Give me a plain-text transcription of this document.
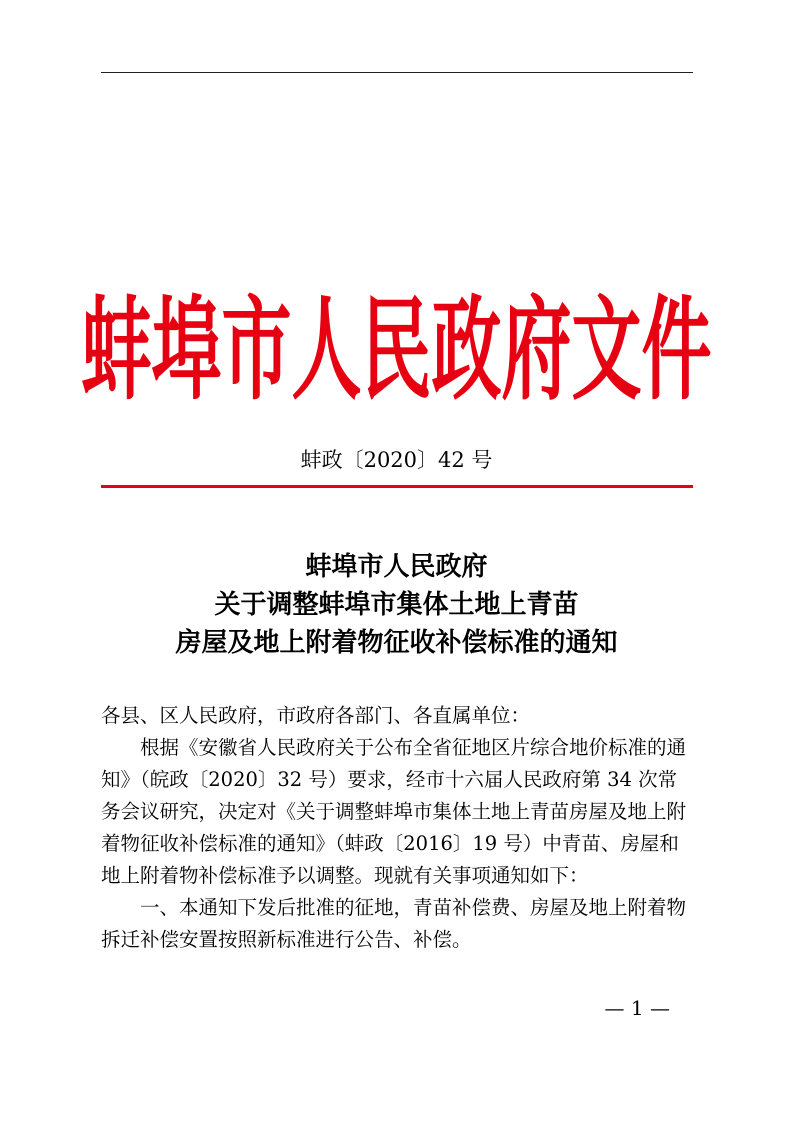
蚌埠市人民政府文件
蚌政〔2020〕42 号
蚌埠市人民政府
关于调整蚌埠市集体土地上青苗
房屋及地上附着物征收补偿标准的通知

各县、区人民政府，市政府各部门、各直属单位：

根据《安徽省人民政府关于公布全省征地区片综合地价标准的通知》（皖政〔2020〕32 号）要求，经市十六届人民政府第 34 次常务会议研究，决定对《关于调整蚌埠市集体土地上青苗房屋及地上附着物征收补偿标准的通知》（蚌政〔2016〕19 号）中青苗、房屋和地上附着物补偿标准予以调整。现就有关事项通知如下：

一、本通知下发后批准的征地，青苗补偿费、房屋及地上附着物拆迁补偿安置按照新标准进行公告、补偿。

— 1 —
